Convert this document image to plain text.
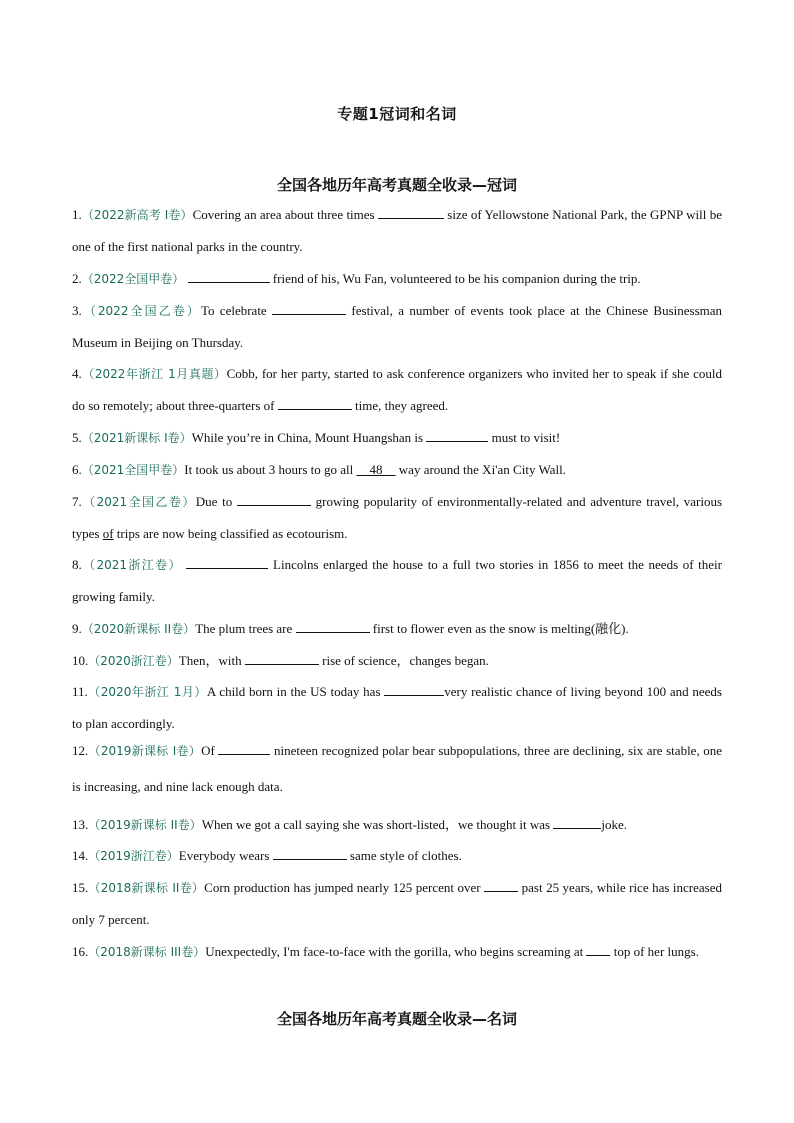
专题1冠词和名词
全国各地历年高考真题全收录—冠词
1.（2022新高考 I卷）Covering an area about three times	size of Yellowstone National Park, the GPNP will be one of the first national parks in the country.
2.（2022全国甲卷）	friend of his, Wu Fan, volunteered to be his companion during the trip.
3.（2022全国乙卷）To celebrate	festival, a number of events took place at the Chinese Businessman Museum in Beijing on Thursday.
4.（2022年浙江 1月真题）Cobb, for her party, started to ask conference organizers who invited her to speak if she could do so remotely; about three-quarters of	time, they agreed.
5.（2021新课标 I卷）While you’re in China, Mount Huangshan is	must to visit!
6.（2021全国甲卷）It took us about 3 hours to go all 48 way around the Xi'an City Wall.
7.（2021全国乙卷）Due to	growing popularity of environmentally-related and adventure travel, various types of trips are now being classified as ecotourism.
8.（2021浙江卷）	Lincolns enlarged the house to a full two stories in 1856 to meet the needs of their growing family.
9.（2020新课标 II卷）The plum trees are	first to flower even as the snow is melting(融化).
10.（2020浙江卷）Then，with	rise of science，changes began.
11.（2020年浙江 1月）A child born in the US today has	very realistic chance of living beyond 100 and needs to plan accordingly.
12.（2019新课标 I卷）Of	nineteen recognized polar bear subpopulations, three are declining, six are stable, one is increasing, and nine lack enough data.
13.（2019新课标 II卷）When we got a call saying she was short-listed，we thought it was	joke.
14.（2019浙江卷）Everybody wears	same style of clothes.
15.（2018新课标 II卷）Corn production has jumped nearly 125 percent over	past 25 years, while rice has increased only 7 percent.
16.（2018新课标 III卷）Unexpectedly, I'm face-to-face with the gorilla, who begins screaming at top of her lungs.
全国各地历年高考真题全收录—名词
